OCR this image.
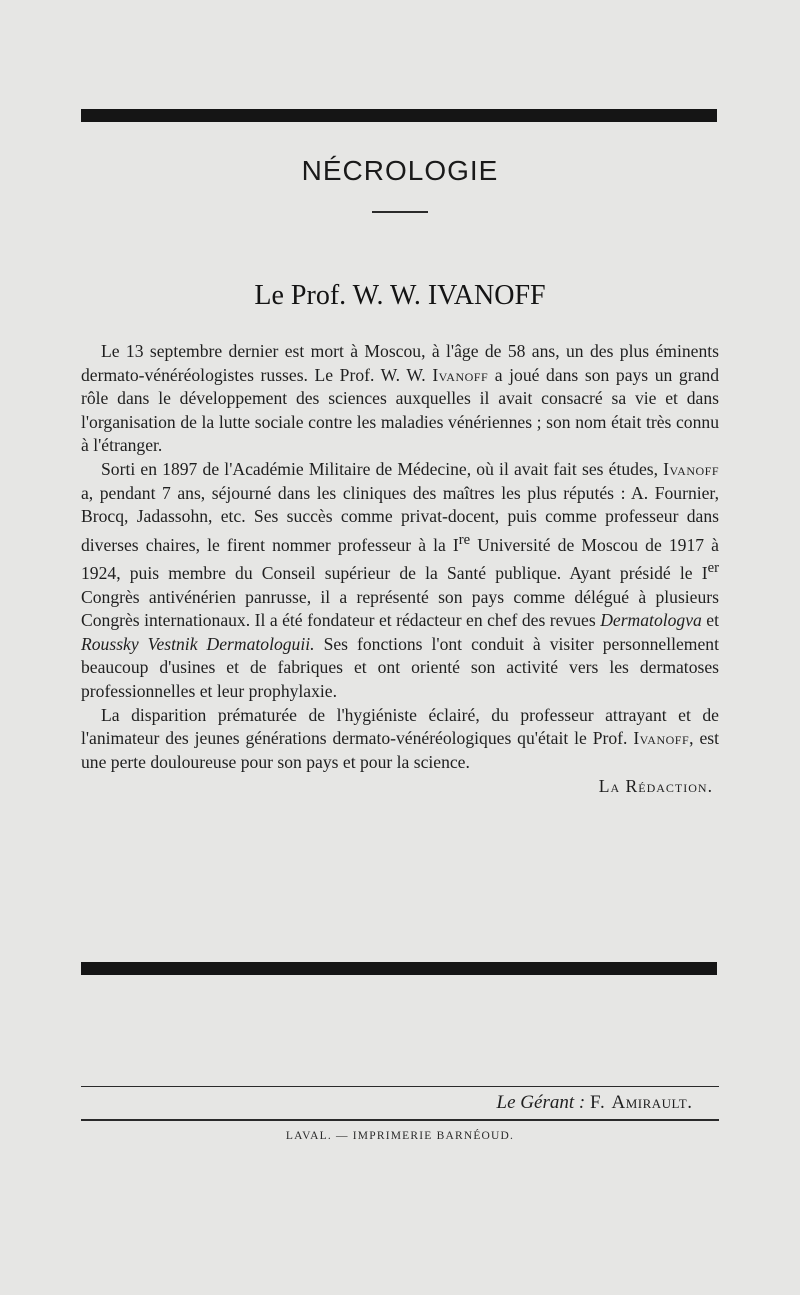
NÉCROLOGIE
Le Prof. W. W. IVANOFF

Le 13 septembre dernier est mort à Moscou, à l'âge de 58 ans, un des plus éminents dermato-vénéréologistes russes. Le Prof. W. W. Ivanoff a joué dans son pays un grand rôle dans le développement des sciences auxquelles il avait consacré sa vie et dans l'organisation de la lutte sociale contre les maladies vénériennes ; son nom était très connu à l'étranger.

Sorti en 1897 de l'Académie Militaire de Médecine, où il avait fait ses études, Ivanoff a, pendant 7 ans, séjourné dans les cliniques des maîtres les plus réputés : A. Fournier, Brocq, Jadassohn, etc. Ses succès comme privat-docent, puis comme professeur dans diverses chaires, le firent nommer professeur à la Ire Université de Moscou de 1917 à 1924, puis membre du Conseil supérieur de la Santé publique. Ayant présidé le Ier Congrès antivénérien panrusse, il a représenté son pays comme délégué à plusieurs Congrès internationaux. Il a été fondateur et rédacteur en chef des revues Dermatologva et Roussky Vestnik Dermatologuii. Ses fonctions l'ont conduit à visiter personnellement beaucoup d'usines et de fabriques et ont orienté son activité vers les dermatoses professionnelles et leur prophylaxie.

La disparition prématurée de l'hygiéniste éclairé, du professeur attrayant et de l'animateur des jeunes générations dermato-vénéréologiques qu'était le Prof. Ivanoff, est une perte douloureuse pour son pays et pour la science.

La Rédaction.
Le Gérant : F. Amirault.
LAVAL. — IMPRIMERIE BARNÉOUD.
